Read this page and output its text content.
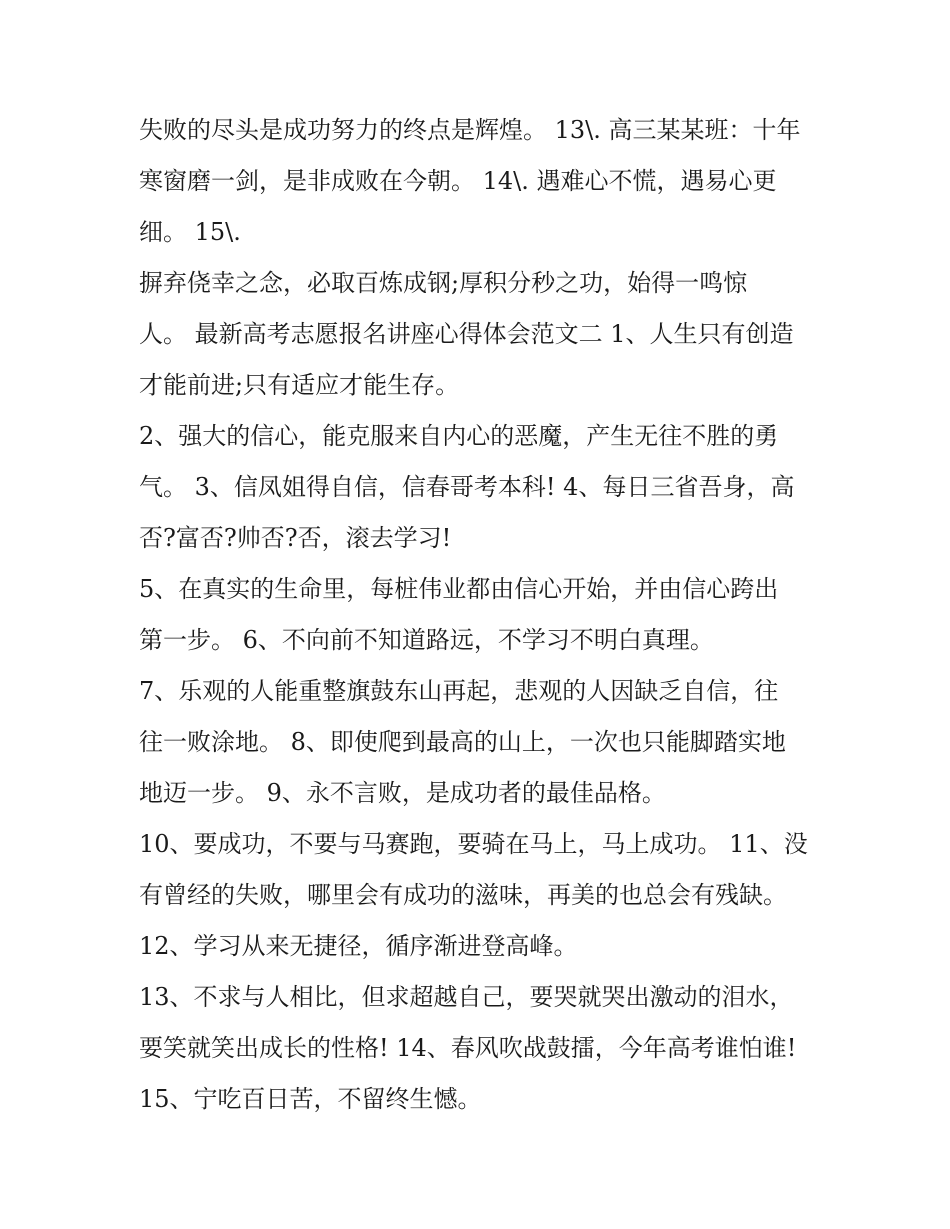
失败的尽头是成功努力的终点是辉煌。 13\. 高三某某班：十年
寒窗磨一剑，是非成败在今朝。 14\. 遇难心不慌，遇易心更
细。 15\.
摒弃侥幸之念，必取百炼成钢;厚积分秒之功，始得一鸣惊
人。 最新高考志愿报名讲座心得体会范文二 1、人生只有创造
才能前进;只有适应才能生存。
2、强大的信心，能克服来自内心的恶魔，产生无往不胜的勇
气。 3、信凤姐得自信，信春哥考本科! 4、每日三省吾身，高
否?富否?帅否?否，滚去学习!
5、在真实的生命里，每桩伟业都由信心开始，并由信心跨出
第一步。 6、不向前不知道路远，不学习不明白真理。
7、乐观的人能重整旗鼓东山再起，悲观的人因缺乏自信，往
往一败涂地。 8、即使爬到最高的山上，一次也只能脚踏实地
地迈一步。 9、永不言败，是成功者的最佳品格。
10、要成功，不要与马赛跑，要骑在马上，马上成功。 11、没
有曾经的失败，哪里会有成功的滋味，再美的也总会有残缺。
12、学习从来无捷径，循序渐进登高峰。
13、不求与人相比，但求超越自己，要哭就哭出激动的泪水，
要笑就笑出成长的性格! 14、春风吹战鼓擂，今年高考谁怕谁!
15、宁吃百日苦，不留终生憾。
